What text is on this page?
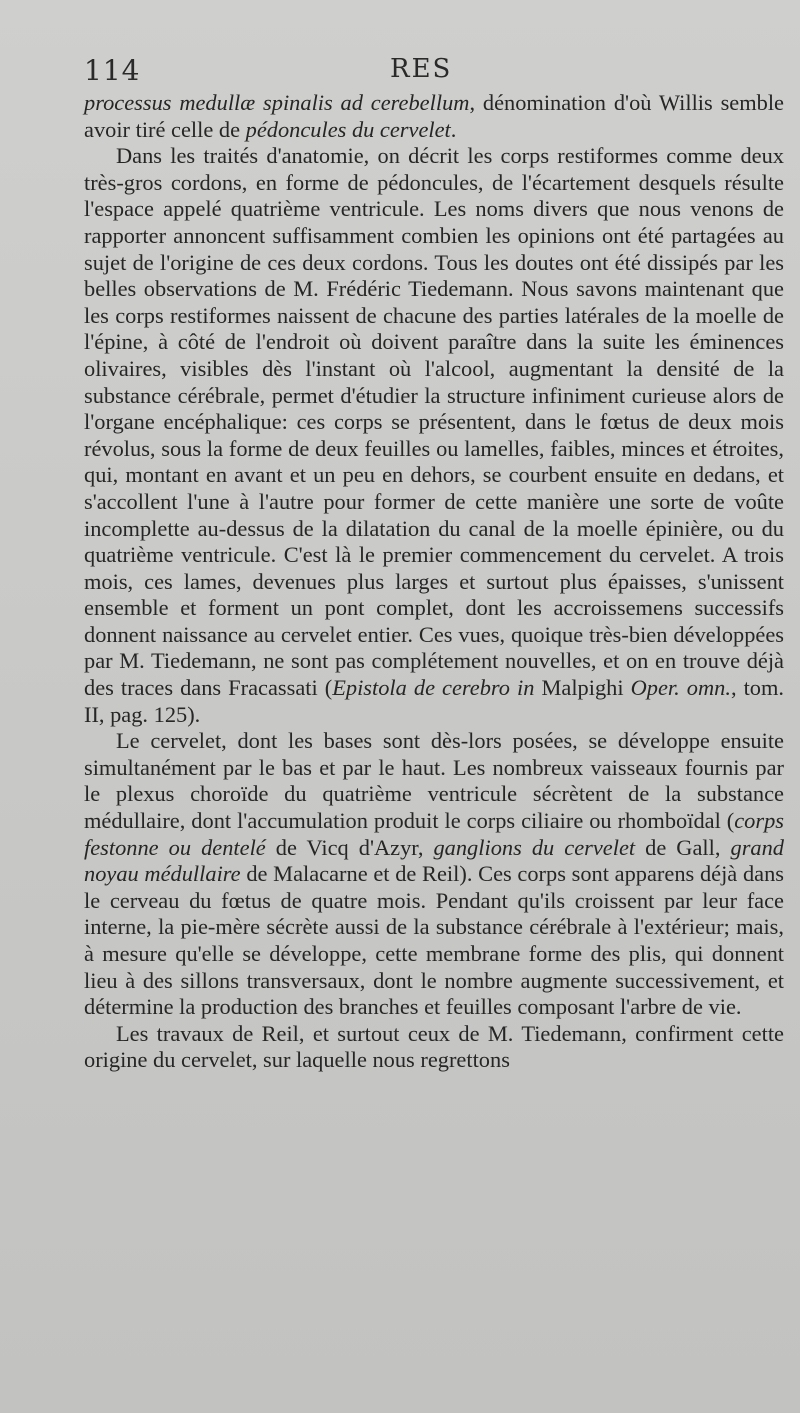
114	RES

processus medullæ spinalis ad cerebellum, dénomination d'où Willis semble avoir tiré celle de pédoncules du cervelet.

Dans les traités d'anatomie, on décrit les corps restiformes comme deux très-gros cordons, en forme de pédoncules, de l'écartement desquels résulte l'espace appelé quatrième ventricule. Les noms divers que nous venons de rapporter annoncent suffisamment combien les opinions ont été partagées au sujet de l'origine de ces deux cordons. Tous les doutes ont été dissipés par les belles observations de M. Frédéric Tiedemann. Nous savons maintenant que les corps restiformes naissent de chacune des parties latérales de la moelle de l'épine, à côté de l'endroit où doivent paraître dans la suite les éminences olivaires, visibles dès l'instant où l'alcool, augmentant la densité de la substance cérébrale, permet d'étudier la structure infiniment curieuse alors de l'organe encéphalique: ces corps se présentent, dans le fœtus de deux mois révolus, sous la forme de deux feuilles ou lamelles, faibles, minces et étroites, qui, montant en avant et un peu en dehors, se courbent ensuite en dedans, et s'accollent l'une à l'autre pour former de cette manière une sorte de voûte incomplette au-dessus de la dilatation du canal de la moelle épinière, ou du quatrième ventricule. C'est là le premier commencement du cervelet. A trois mois, ces lames, devenues plus larges et surtout plus épaisses, s'unissent ensemble et forment un pont complet, dont les accroissemens successifs donnent naissance au cervelet entier. Ces vues, quoique très-bien développées par M. Tiedemann, ne sont pas complétement nouvelles, et on en trouve déjà des traces dans Fracassati (Epistola de cerebro in Malpighi Oper. omn., tom. II, pag. 125).

Le cervelet, dont les bases sont dès-lors posées, se développe ensuite simultanément par le bas et par le haut. Les nombreux vaisseaux fournis par le plexus choroïde du quatrième ventricule sécrètent de la substance médullaire, dont l'accumulation produit le corps ciliaire ou rhomboïdal (corps festonne ou dentelé de Vicq d'Azyr, ganglions du cervelet de Gall, grand noyau médullaire de Malacarne et de Reil). Ces corps sont apparens déjà dans le cerveau du fœtus de quatre mois. Pendant qu'ils croissent par leur face interne, la pie-mère sécrète aussi de la substance cérébrale à l'extérieur; mais, à mesure qu'elle se développe, cette membrane forme des plis, qui donnent lieu à des sillons transversaux, dont le nombre augmente successivement, et détermine la production des branches et feuilles composant l'arbre de vie.

Les travaux de Reil, et surtout ceux de M. Tiedemann, confirment cette origine du cervelet, sur laquelle nous regrettons
